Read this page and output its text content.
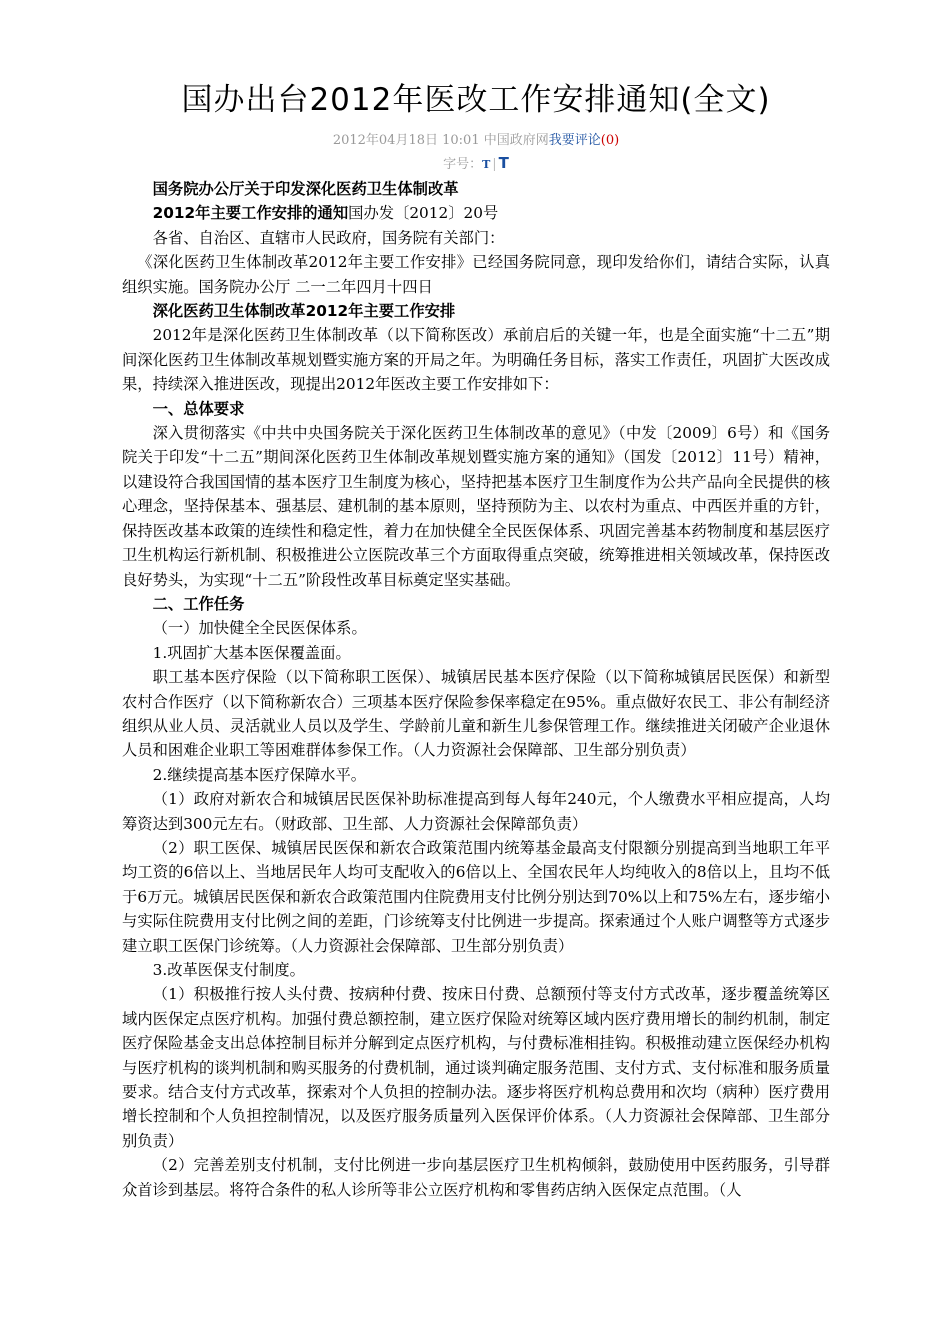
国办出台2012年医改工作安排通知(全文)
2012年04月18日 10:01 中国政府网我要评论(0)
字号：T | T

国务院办公厅关于印发深化医药卫生体制改革

2012年主要工作安排的通知国办发〔2012〕20号

各省、自治区、直辖市人民政府，国务院有关部门：

《深化医药卫生体制改革2012年主要工作安排》已经国务院同意，现印发给你们，请结合实际，认真组织实施。国务院办公厅 二一二年四月十四日

深化医药卫生体制改革2012年主要工作安排

2012年是深化医药卫生体制改革（以下简称医改）承前启后的关键一年，也是全面实施“十二五”期间深化医药卫生体制改革规划暨实施方案的开局之年。为明确任务目标，落实工作责任，巩固扩大医改成果，持续深入推进医改，现提出2012年医改主要工作安排如下：

一、总体要求

深入贯彻落实《中共中央国务院关于深化医药卫生体制改革的意见》（中发〔2009〕6号）和《国务院关于印发“十二五”期间深化医药卫生体制改革规划暨实施方案的通知》（国发〔2012〕11号）精神，以建设符合我国国情的基本医疗卫生制度为核心，坚持把基本医疗卫生制度作为公共产品向全民提供的核心理念，坚持保基本、强基层、建机制的基本原则，坚持预防为主、以农村为重点、中西医并重的方针，保持医改基本政策的连续性和稳定性，着力在加快健全全民医保体系、巩固完善基本药物制度和基层医疗卫生机构运行新机制、积极推进公立医院改革三个方面取得重点突破，统筹推进相关领域改革，保持医改良好势头，为实现“十二五”阶段性改革目标奠定坚实基础。

二、工作任务

（一）加快健全全民医保体系。

1.巩固扩大基本医保覆盖面。

职工基本医疗保险（以下简称职工医保）、城镇居民基本医疗保险（以下简称城镇居民医保）和新型农村合作医疗（以下简称新农合）三项基本医疗保险参保率稳定在95%。重点做好农民工、非公有制经济组织从业人员、灵活就业人员以及学生、学龄前儿童和新生儿参保管理工作。继续推进关闭破产企业退休人员和困难企业职工等困难群体参保工作。（人力资源社会保障部、卫生部分别负责）

2.继续提高基本医疗保障水平。

（1）政府对新农合和城镇居民医保补助标准提高到每人每年240元，个人缴费水平相应提高，人均筹资达到300元左右。（财政部、卫生部、人力资源社会保障部负责）

（2）职工医保、城镇居民医保和新农合政策范围内统筹基金最高支付限额分别提高到当地职工年平均工资的6倍以上、当地居民年人均可支配收入的6倍以上、全国农民年人均纯收入的8倍以上，且均不低于6万元。城镇居民医保和新农合政策范围内住院费用支付比例分别达到70%以上和75%左右，逐步缩小与实际住院费用支付比例之间的差距，门诊统筹支付比例进一步提高。探索通过个人账户调整等方式逐步建立职工医保门诊统筹。（人力资源社会保障部、卫生部分别负责）

3.改革医保支付制度。

（1）积极推行按人头付费、按病种付费、按床日付费、总额预付等支付方式改革，逐步覆盖统筹区域内医保定点医疗机构。加强付费总额控制，建立医疗保险对统筹区域内医疗费用增长的制约机制，制定医疗保险基金支出总体控制目标并分解到定点医疗机构，与付费标准相挂钩。积极推动建立医保经办机构与医疗机构的谈判机制和购买服务的付费机制，通过谈判确定服务范围、支付方式、支付标准和服务质量要求。结合支付方式改革，探索对个人负担的控制办法。逐步将医疗机构总费用和次均（病种）医疗费用增长控制和个人负担控制情况，以及医疗服务质量列入医保评价体系。（人力资源社会保障部、卫生部分别负责）

（2）完善差别支付机制，支付比例进一步向基层医疗卫生机构倾斜，鼓励使用中医药服务，引导群众首诊到基层。将符合条件的私人诊所等非公立医疗机构和零售药店纳入医保定点范围。（人
